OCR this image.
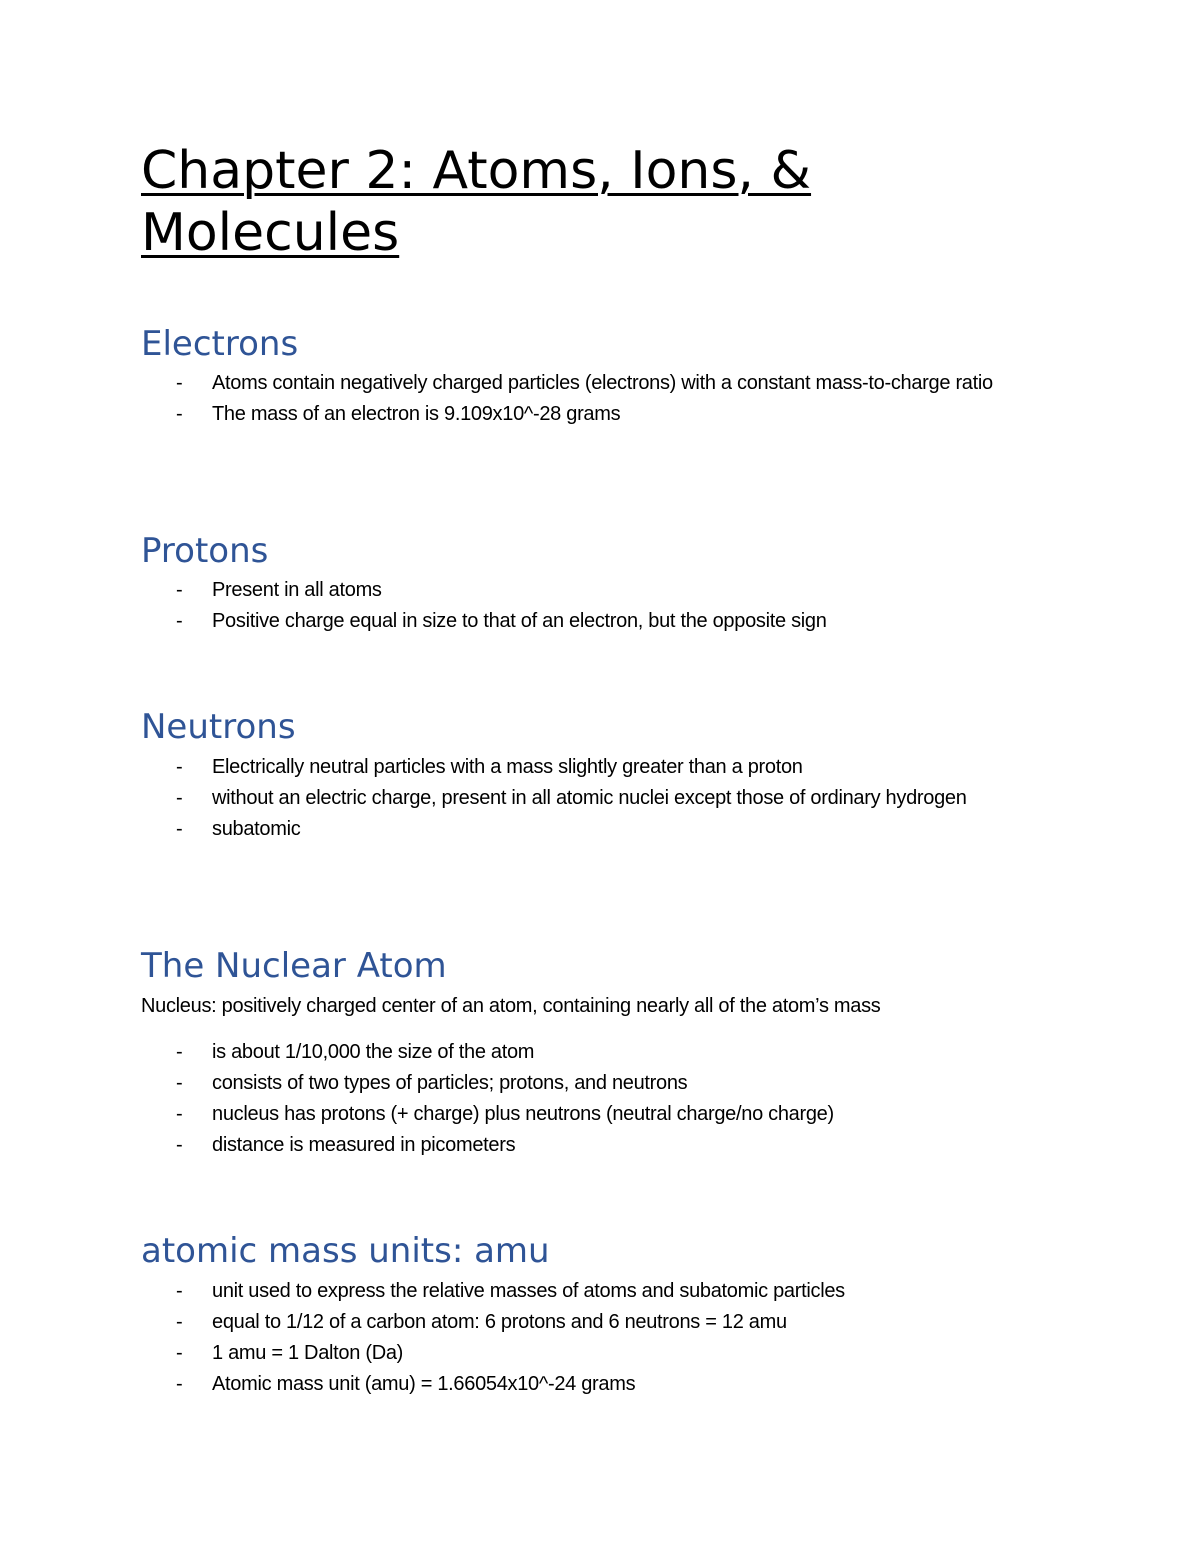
Chapter 2: Atoms, Ions, & Molecules
Electrons
- Atoms contain negatively charged particles (electrons) with a constant mass-to-charge ratio
- The mass of an electron is 9.109x10^-28 grams
Protons
- Present in all atoms
- Positive charge equal in size to that of an electron, but the opposite sign
Neutrons
- Electrically neutral particles with a mass slightly greater than a proton
- without an electric charge, present in all atomic nuclei except those of ordinary hydrogen
- subatomic
The Nuclear Atom

Nucleus: positively charged center of an atom, containing nearly all of the atom’s mass

- is about 1/10,000 the size of the atom
- consists of two types of particles; protons, and neutrons
- nucleus has protons (+ charge) plus neutrons (neutral charge/no charge)
- distance is measured in picometers
atomic mass units: amu
- unit used to express the relative masses of atoms and subatomic particles
- equal to 1/12 of a carbon atom: 6 protons and 6 neutrons = 12 amu
- 1 amu = 1 Dalton (Da)
- Atomic mass unit (amu) = 1.66054x10^-24 grams
